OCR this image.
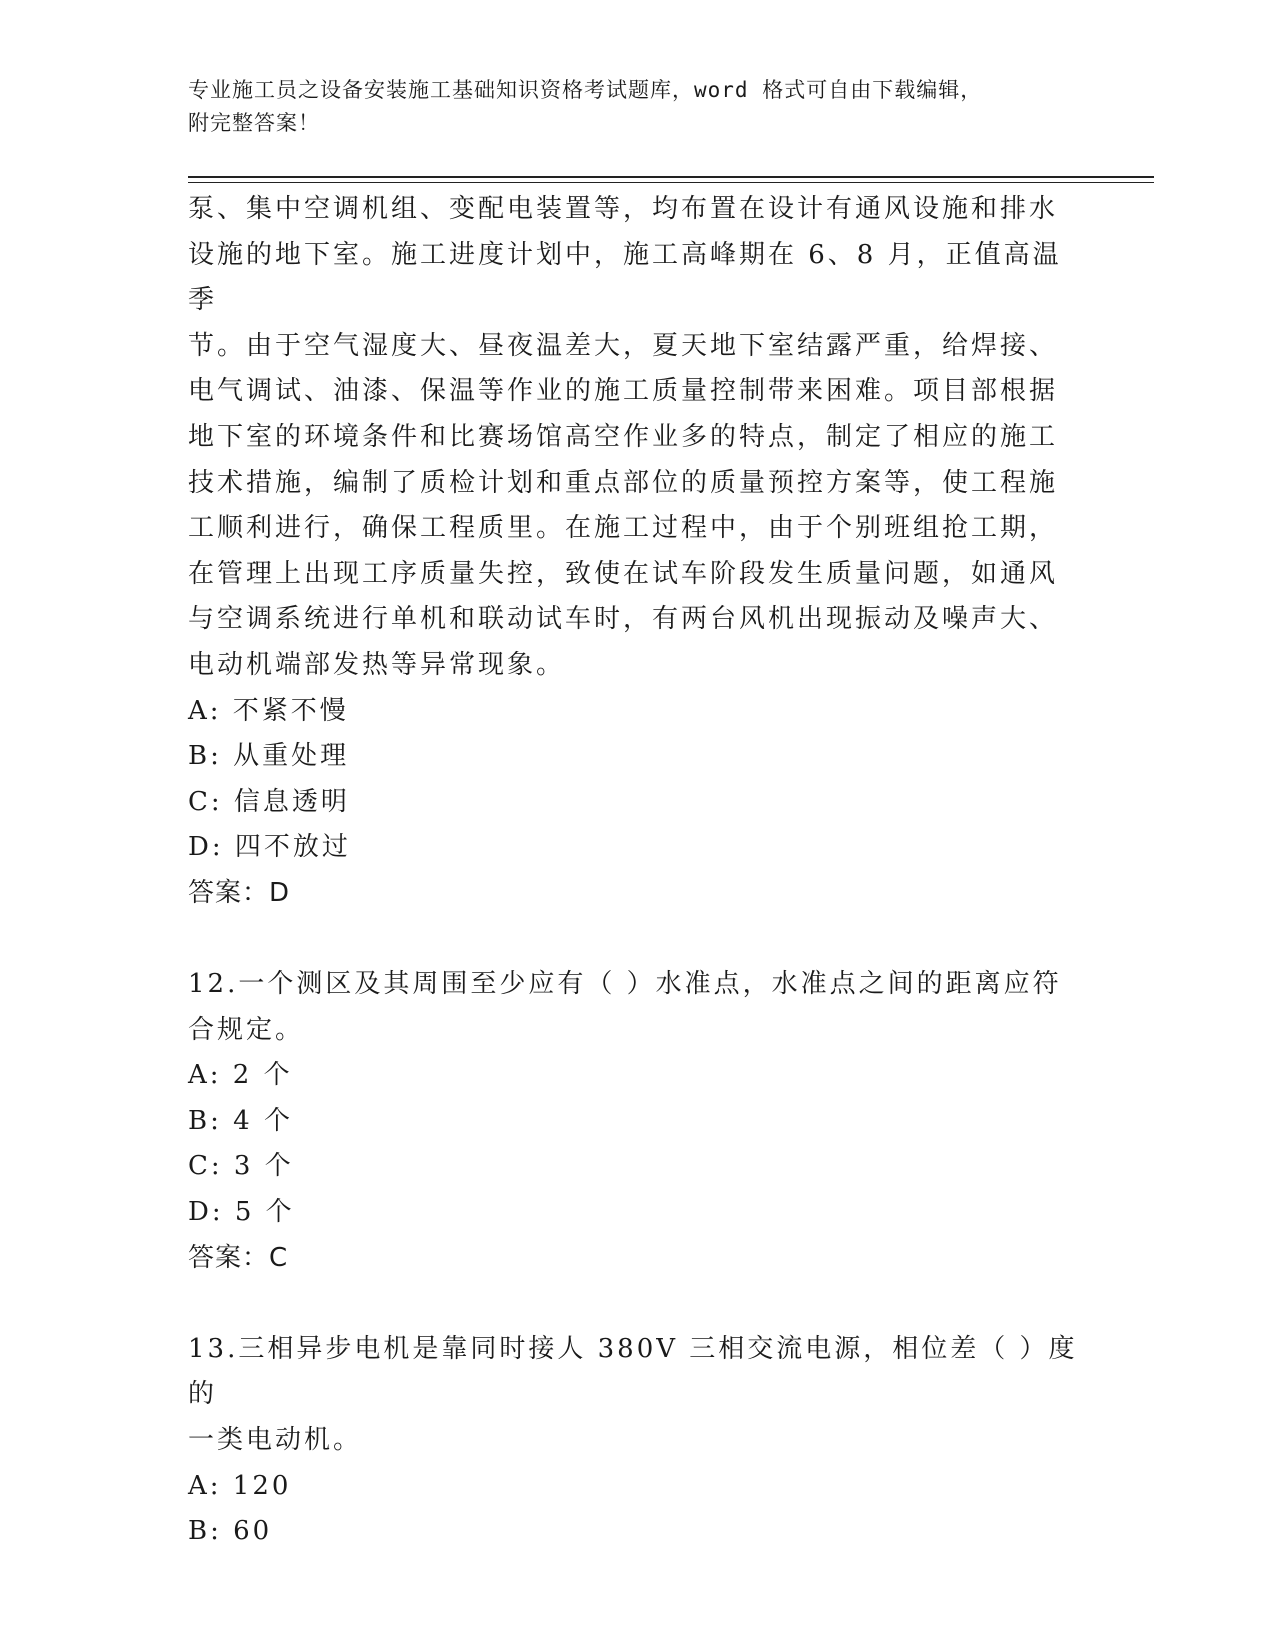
专业施工员之设备安装施工基础知识资格考试题库，word 格式可自由下载编辑，

附完整答案！

泵、集中空调机组、变配电装置等，均布置在设计有通风设施和排水

设施的地下室。施工进度计划中，施工高峰期在 6、8 月，正值高温季

节。由于空气湿度大、昼夜温差大，夏天地下室结露严重，给焊接、

电气调试、油漆、保温等作业的施工质量控制带来困难。项目部根据

地下室的环境条件和比赛场馆高空作业多的特点，制定了相应的施工

技术措施，编制了质检计划和重点部位的质量预控方案等，使工程施

工顺利进行，确保工程质里。在施工过程中，由于个别班组抢工期，

在管理上出现工序质量失控，致使在试车阶段发生质量问题，如通风

与空调系统进行单机和联动试车时，有两台风机出现振动及噪声大、

电动机端部发热等异常现象。

A: 不紧不慢

B: 从重处理

C: 信息透明

D: 四不放过

答案：D

12.一个测区及其周围至少应有（ ）水准点，水准点之间的距离应符

合规定。

A: 2 个

B: 4 个

C: 3 个

D: 5 个

答案：C

13.三相异步电机是靠同时接人 380V 三相交流电源，相位差（ ）度的

一类电动机。

A: 120

B: 60
